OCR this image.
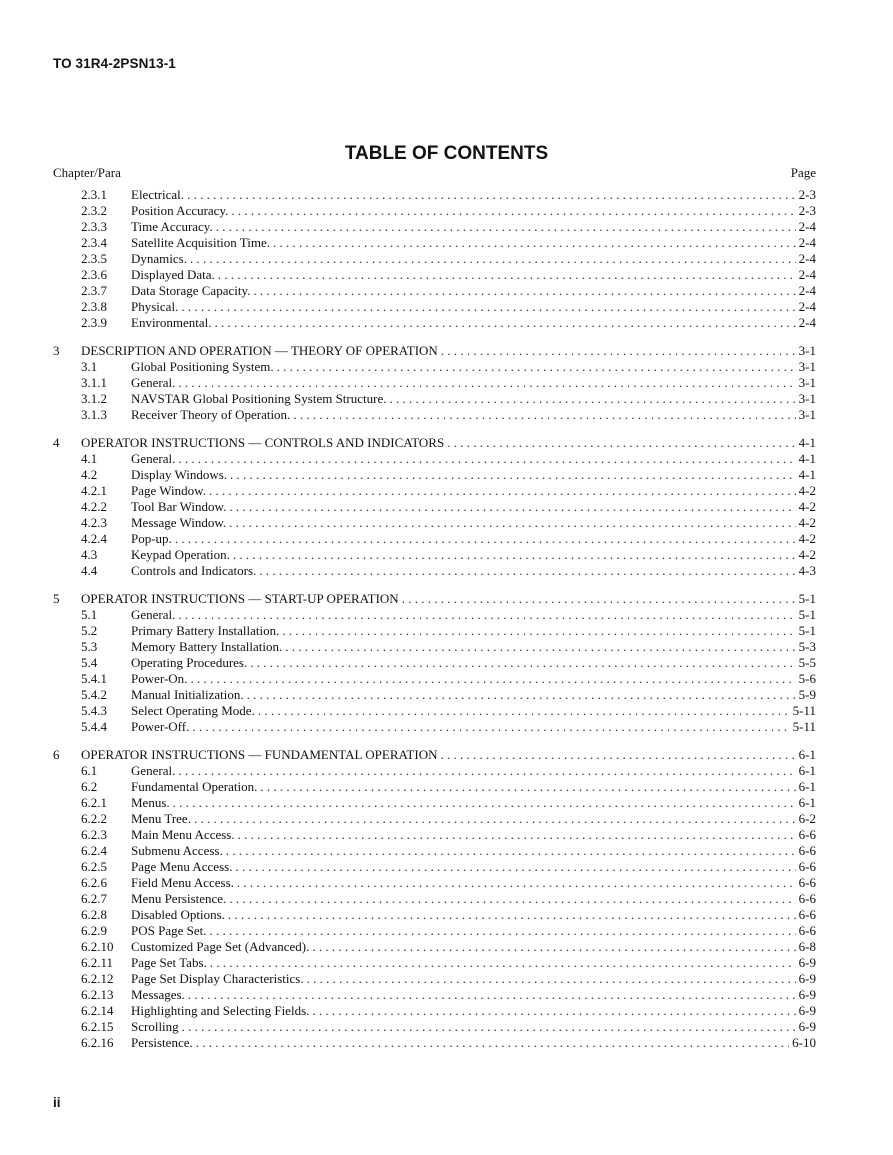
TO 31R4-2PSN13-1
TABLE OF CONTENTS
Chapter/Para	Page
2.3.1 Electrical. . . .	2-3
2.3.2 Position Accuracy. . . .	2-3
2.3.3 Time Accuracy. . . .	2-4
2.3.4 Satellite Acquisition Time. . . .	2-4
2.3.5 Dynamics. . . .	2-4
2.3.6 Displayed Data. . . .	2-4
2.3.7 Data Storage Capacity. . . .	2-4
2.3.8 Physical. . . .	2-4
2.3.9 Environmental. . . .	2-4
3 DESCRIPTION AND OPERATION — THEORY OF OPERATION . . .	3-1
3.1	Global Positioning System. . . .	3-1
3.1.1 General. . . .	3-1
3.1.2 NAVSTAR Global Positioning System Structure. . . .	3-1
3.1.3 Receiver Theory of Operation. . . .	3-1
4 OPERATOR INSTRUCTIONS — CONTROLS AND INDICATORS . . .	4-1
4.1	General. . . .	4-1
4.2	Display Windows. . . .	4-1
4.2.1 Page Window. . . .	4-2
4.2.2 Tool Bar Window. . . .	4-2
4.2.3 Message Window. . . .	4-2
4.2.4 Pop-up. . . .	4-2
4.3	Keypad Operation. . . .	4-2
4.4	Controls and Indicators. . . .	4-3
5 OPERATOR INSTRUCTIONS — START-UP OPERATION . . .	5-1
5.1	General. . . .	5-1
5.2	Primary Battery Installation. . . .	5-1
5.3	Memory Battery Installation. . . .	5-3
5.4	Operating Procedures. . . .	5-5
5.4.1 Power-On. . . .	5-6
5.4.2 Manual Initialization. . . .	5-9
5.4.3 Select Operating Mode. . . .	5-11
5.4.4 Power-Off. . . .	5-11
6 OPERATOR INSTRUCTIONS — FUNDAMENTAL OPERATION . . .	6-1
6.1	General. . . .	6-1
6.2	Fundamental Operation. . . .	6-1
6.2.1 Menus. . . .	6-1
6.2.2 Menu Tree. . . .	6-2
6.2.3 Main Menu Access. . . .	6-6
6.2.4 Submenu Access. . . .	6-6
6.2.5 Page Menu Access. . . .	6-6
6.2.6 Field Menu Access. . . .	6-6
6.2.7 Menu Persistence. . . .	6-6
6.2.8 Disabled Options. . . .	6-6
6.2.9 POS Page Set. . . .	6-6
6.2.10 Customized Page Set (Advanced). . . .	6-8
6.2.11 Page Set Tabs. . . .	6-9
6.2.12 Page Set Display Characteristics. . . .	6-9
6.2.13 Messages. . . .	6-9
6.2.14 Highlighting and Selecting Fields. . . .	6-9
6.2.15 Scrolling . . .	6-9
6.2.16 Persistence. . . .	6-10
ii
